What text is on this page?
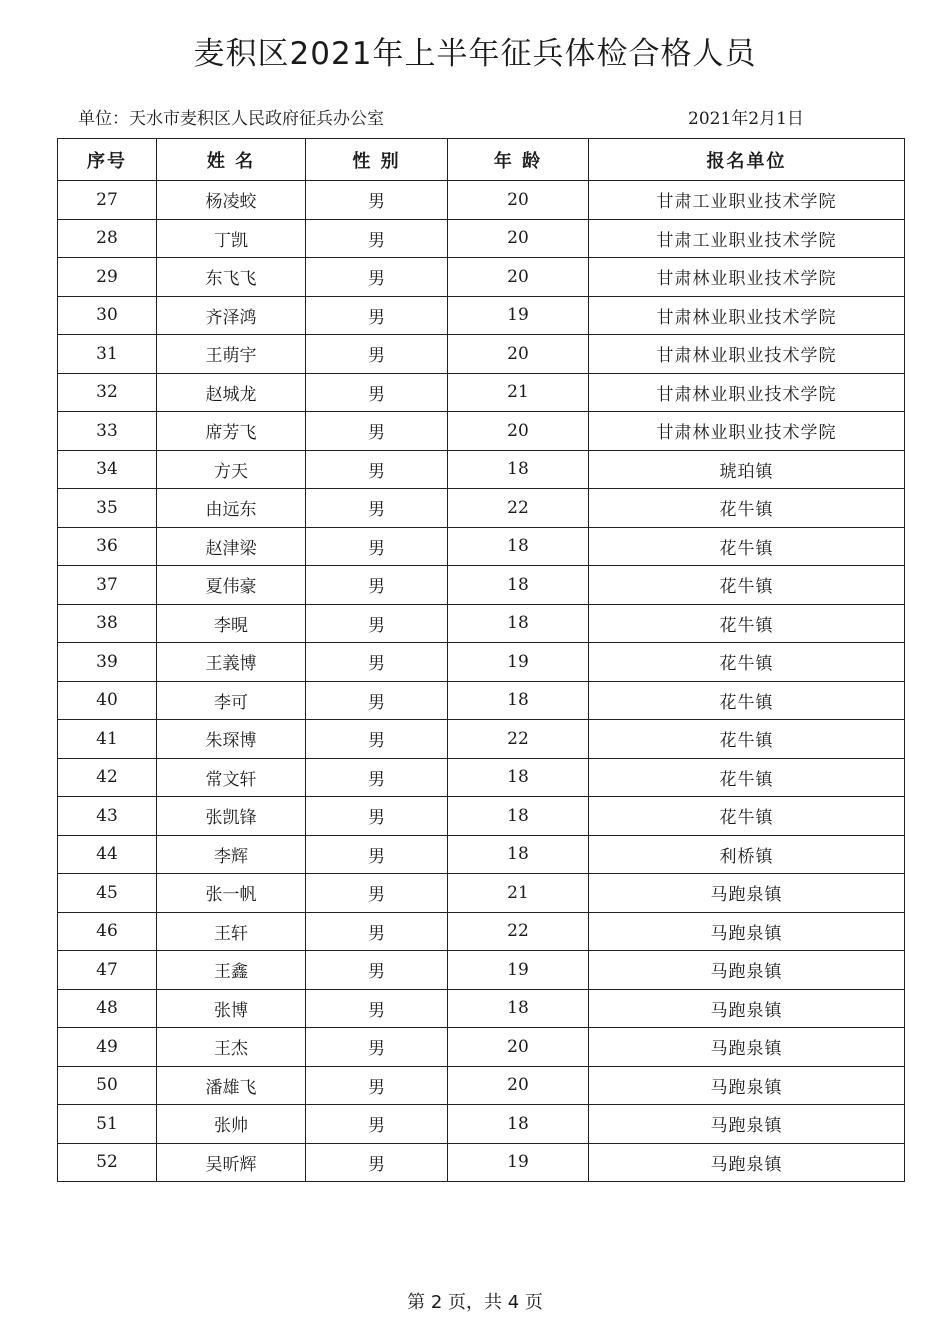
麦积区2021年上半年征兵体检合格人员
单位：天水市麦积区人民政府征兵办公室	2021年2月1日
序号	姓 名	性 别	年 龄	报名单位
27	杨凌蛟	男	20	甘肃工业职业技术学院
28	丁凯	男	20	甘肃工业职业技术学院
29	东飞飞	男	20	甘肃林业职业技术学院
30	齐泽鸿	男	19	甘肃林业职业技术学院
31	王萌宇	男	20	甘肃林业职业技术学院
32	赵城龙	男	21	甘肃林业职业技术学院
33	席芳飞	男	20	甘肃林业职业技术学院
34	方天	男	18	琥珀镇
35	由远东	男	22	花牛镇
36	赵津梁	男	18	花牛镇
37	夏伟豪	男	18	花牛镇
38	李晛	男	18	花牛镇
39	王義博	男	19	花牛镇
40	李可	男	18	花牛镇
41	朱琛博	男	22	花牛镇
42	常文轩	男	18	花牛镇
43	张凯锋	男	18	花牛镇
44	李辉	男	18	利桥镇
45	张一帆	男	21	马跑泉镇
46	王轩	男	22	马跑泉镇
47	王鑫	男	19	马跑泉镇
48	张博	男	18	马跑泉镇
49	王杰	男	20	马跑泉镇
50	潘雄飞	男	20	马跑泉镇
51	张帅	男	18	马跑泉镇
52	吴昕辉	男	19	马跑泉镇
第 2 页，共 4 页
